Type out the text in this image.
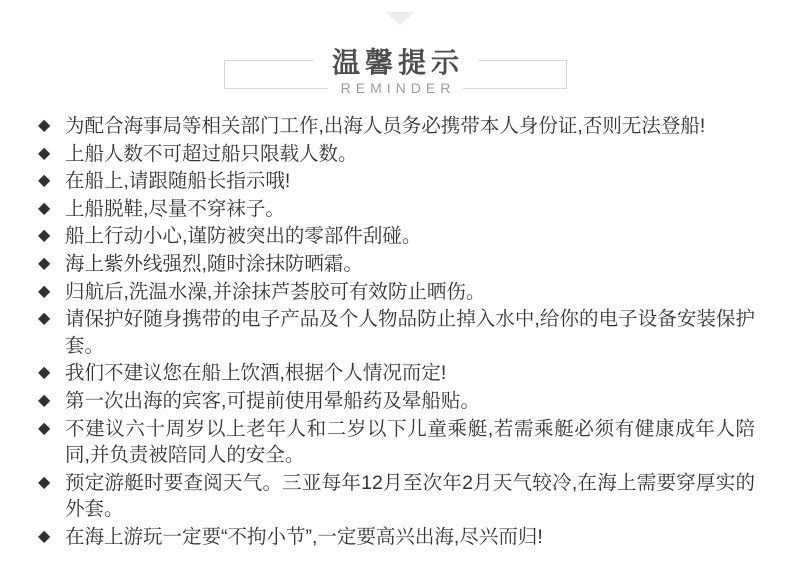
温馨提示
REMINDER
◆ 为配合海事局等相关部门工作,出海人员务必携带本人身份证,否则无法登船!
◆ 上船人数不可超过船只限载人数。
◆ 在船上,请跟随船长指示哦!
◆ 上船脱鞋,尽量不穿袜子。
◆ 船上行动小心,谨防被突出的零部件刮碰。
◆ 海上紫外线强烈,随时涂抹防晒霜。
◆ 归航后,洗温水澡,并涂抹芦荟胶可有效防止晒伤。
◆ 请保护好随身携带的电子产品及个人物品防止掉入水中,给你的电子设备安装保护套。
◆ 我们不建议您在船上饮酒,根据个人情况而定!
◆ 第一次出海的宾客,可提前使用晕船药及晕船贴。
◆ 不建议六十周岁以上老年人和二岁以下儿童乘艇,若需乘艇必须有健康成年人陪同,并负责被陪同人的安全。
◆ 预定游艇时要查阅天气。三亚每年12月至次年2月天气较冷,在海上需要穿厚实的外套。
◆ 在海上游玩一定要“不拘小节”,一定要高兴出海,尽兴而归!
